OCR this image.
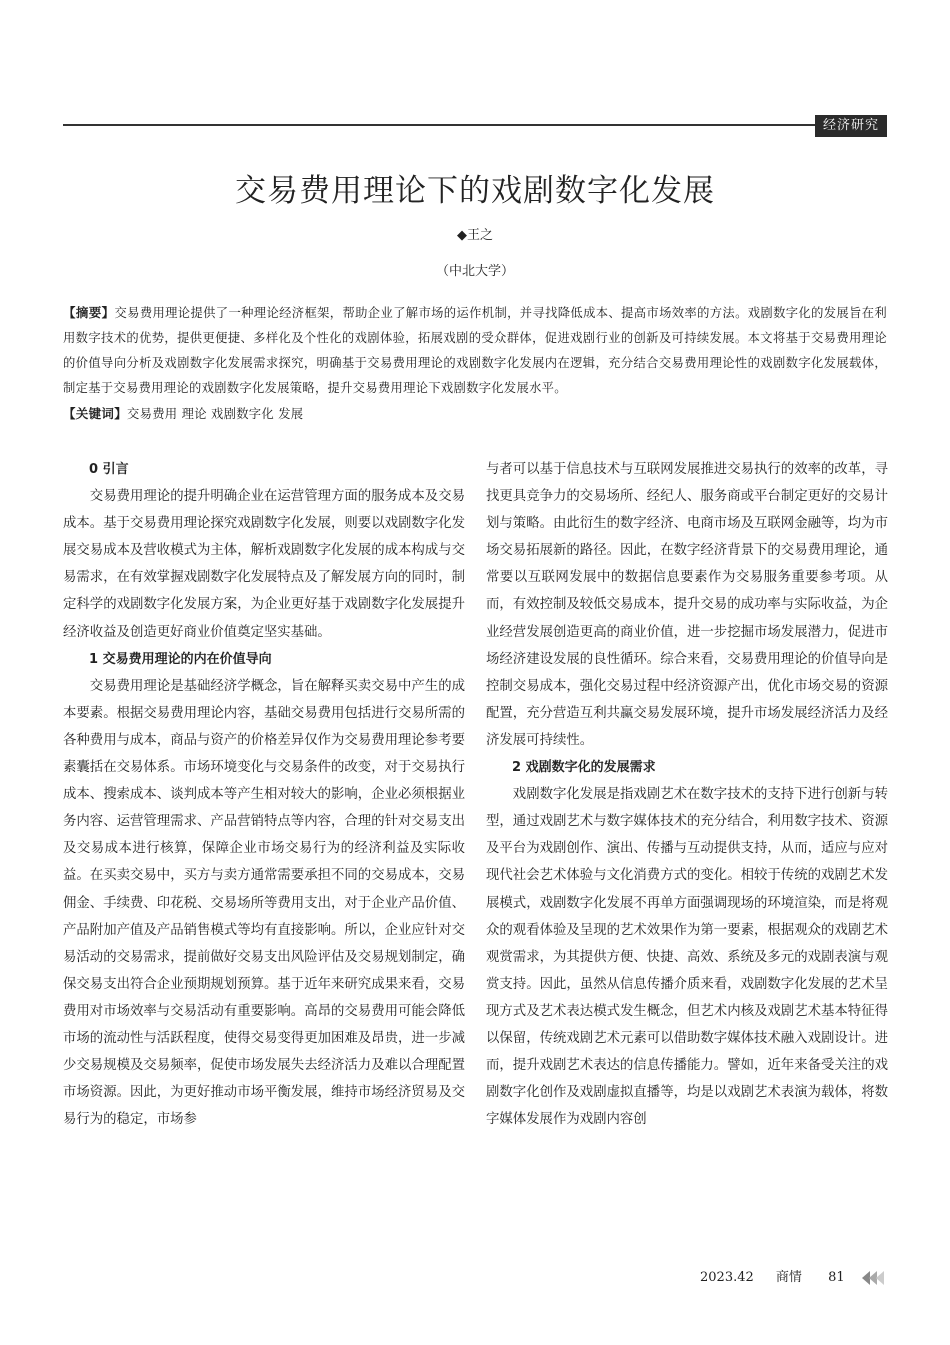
经济研究
交易费用理论下的戏剧数字化发展
◆王之
（中北大学）

【摘要】交易费用理论提供了一种理论经济框架，帮助企业了解市场的运作机制，并寻找降低成本、提高市场效率的方法。戏剧数字化的发展旨在利用数字技术的优势，提供更便捷、多样化及个性化的戏剧体验，拓展戏剧的受众群体，促进戏剧行业的创新及可持续发展。本文将基于交易费用理论的价值导向分析及戏剧数字化发展需求探究，明确基于交易费用理论的戏剧数字化发展内在逻辑，充分结合交易费用理论性的戏剧数字化发展载体，制定基于交易费用理论的戏剧数字化发展策略，提升交易费用理论下戏剧数字化发展水平。

【关键词】交易费用 理论 戏剧数字化 发展

0 引言

交易费用理论的提升明确企业在运营管理方面的服务成本及交易成本。基于交易费用理论探究戏剧数字化发展，则要以戏剧数字化发展交易成本及营收模式为主体，解析戏剧数字化发展的成本构成与交易需求，在有效掌握戏剧数字化发展特点及了解发展方向的同时，制定科学的戏剧数字化发展方案，为企业更好基于戏剧数字化发展提升经济收益及创造更好商业价值奠定坚实基础。

1 交易费用理论的内在价值导向

交易费用理论是基础经济学概念，旨在解释买卖交易中产生的成本要素。根据交易费用理论内容，基础交易费用包括进行交易所需的各种费用与成本，商品与资产的价格差异仅作为交易费用理论参考要素囊括在交易体系。市场环境变化与交易条件的改变，对于交易执行成本、搜索成本、谈判成本等产生相对较大的影响，企业必须根据业务内容、运营管理需求、产品营销特点等内容，合理的针对交易支出及交易成本进行核算，保障企业市场交易行为的经济利益及实际收益。在买卖交易中，买方与卖方通常需要承担不同的交易成本，交易佣金、手续费、印花税、交易场所等费用支出，对于企业产品价值、产品附加产值及产品销售模式等均有直接影响。所以，企业应针对交易活动的交易需求，提前做好交易支出风险评估及交易规划制定，确保交易支出符合企业预期规划预算。基于近年来研究成果来看，交易费用对市场效率与交易活动有重要影响。高昂的交易费用可能会降低市场的流动性与活跃程度，使得交易变得更加困难及昂贵，进一步减少交易规模及交易频率，促使市场发展失去经济活力及难以合理配置市场资源。因此，为更好推动市场平衡发展，维持市场经济贸易及交易行为的稳定，市场参

与者可以基于信息技术与互联网发展推进交易执行的效率的改革，寻找更具竞争力的交易场所、经纪人、服务商或平台制定更好的交易计划与策略。由此衍生的数字经济、电商市场及互联网金融等，均为市场交易拓展新的路径。因此，在数字经济背景下的交易费用理论，通常要以互联网发展中的数据信息要素作为交易服务重要参考项。从而，有效控制及较低交易成本，提升交易的成功率与实际收益，为企业经营发展创造更高的商业价值，进一步挖掘市场发展潜力，促进市场经济建设发展的良性循环。综合来看，交易费用理论的价值导向是控制交易成本，强化交易过程中经济资源产出，优化市场交易的资源配置，充分营造互利共赢交易发展环境，提升市场发展经济活力及经济发展可持续性。

2 戏剧数字化的发展需求

戏剧数字化发展是指戏剧艺术在数字技术的支持下进行创新与转型，通过戏剧艺术与数字媒体技术的充分结合，利用数字技术、资源及平台为戏剧创作、演出、传播与互动提供支持，从而，适应与应对现代社会艺术体验与文化消费方式的变化。相较于传统的戏剧艺术发展模式，戏剧数字化发展不再单方面强调现场的环境渲染，而是将观众的观看体验及呈现的艺术效果作为第一要素，根据观众的戏剧艺术观赏需求，为其提供方便、快捷、高效、系统及多元的戏剧表演与观赏支持。因此，虽然从信息传播介质来看，戏剧数字化发展的艺术呈现方式及艺术表达模式发生概念，但艺术内核及戏剧艺术基本特征得以保留，传统戏剧艺术元素可以借助数字媒体技术融入戏剧设计。进而，提升戏剧艺术表达的信息传播能力。譬如，近年来备受关注的戏剧数字化创作及戏剧虚拟直播等，均是以戏剧艺术表演为载体，将数字媒体发展作为戏剧内容创

2023.42 商情 81
